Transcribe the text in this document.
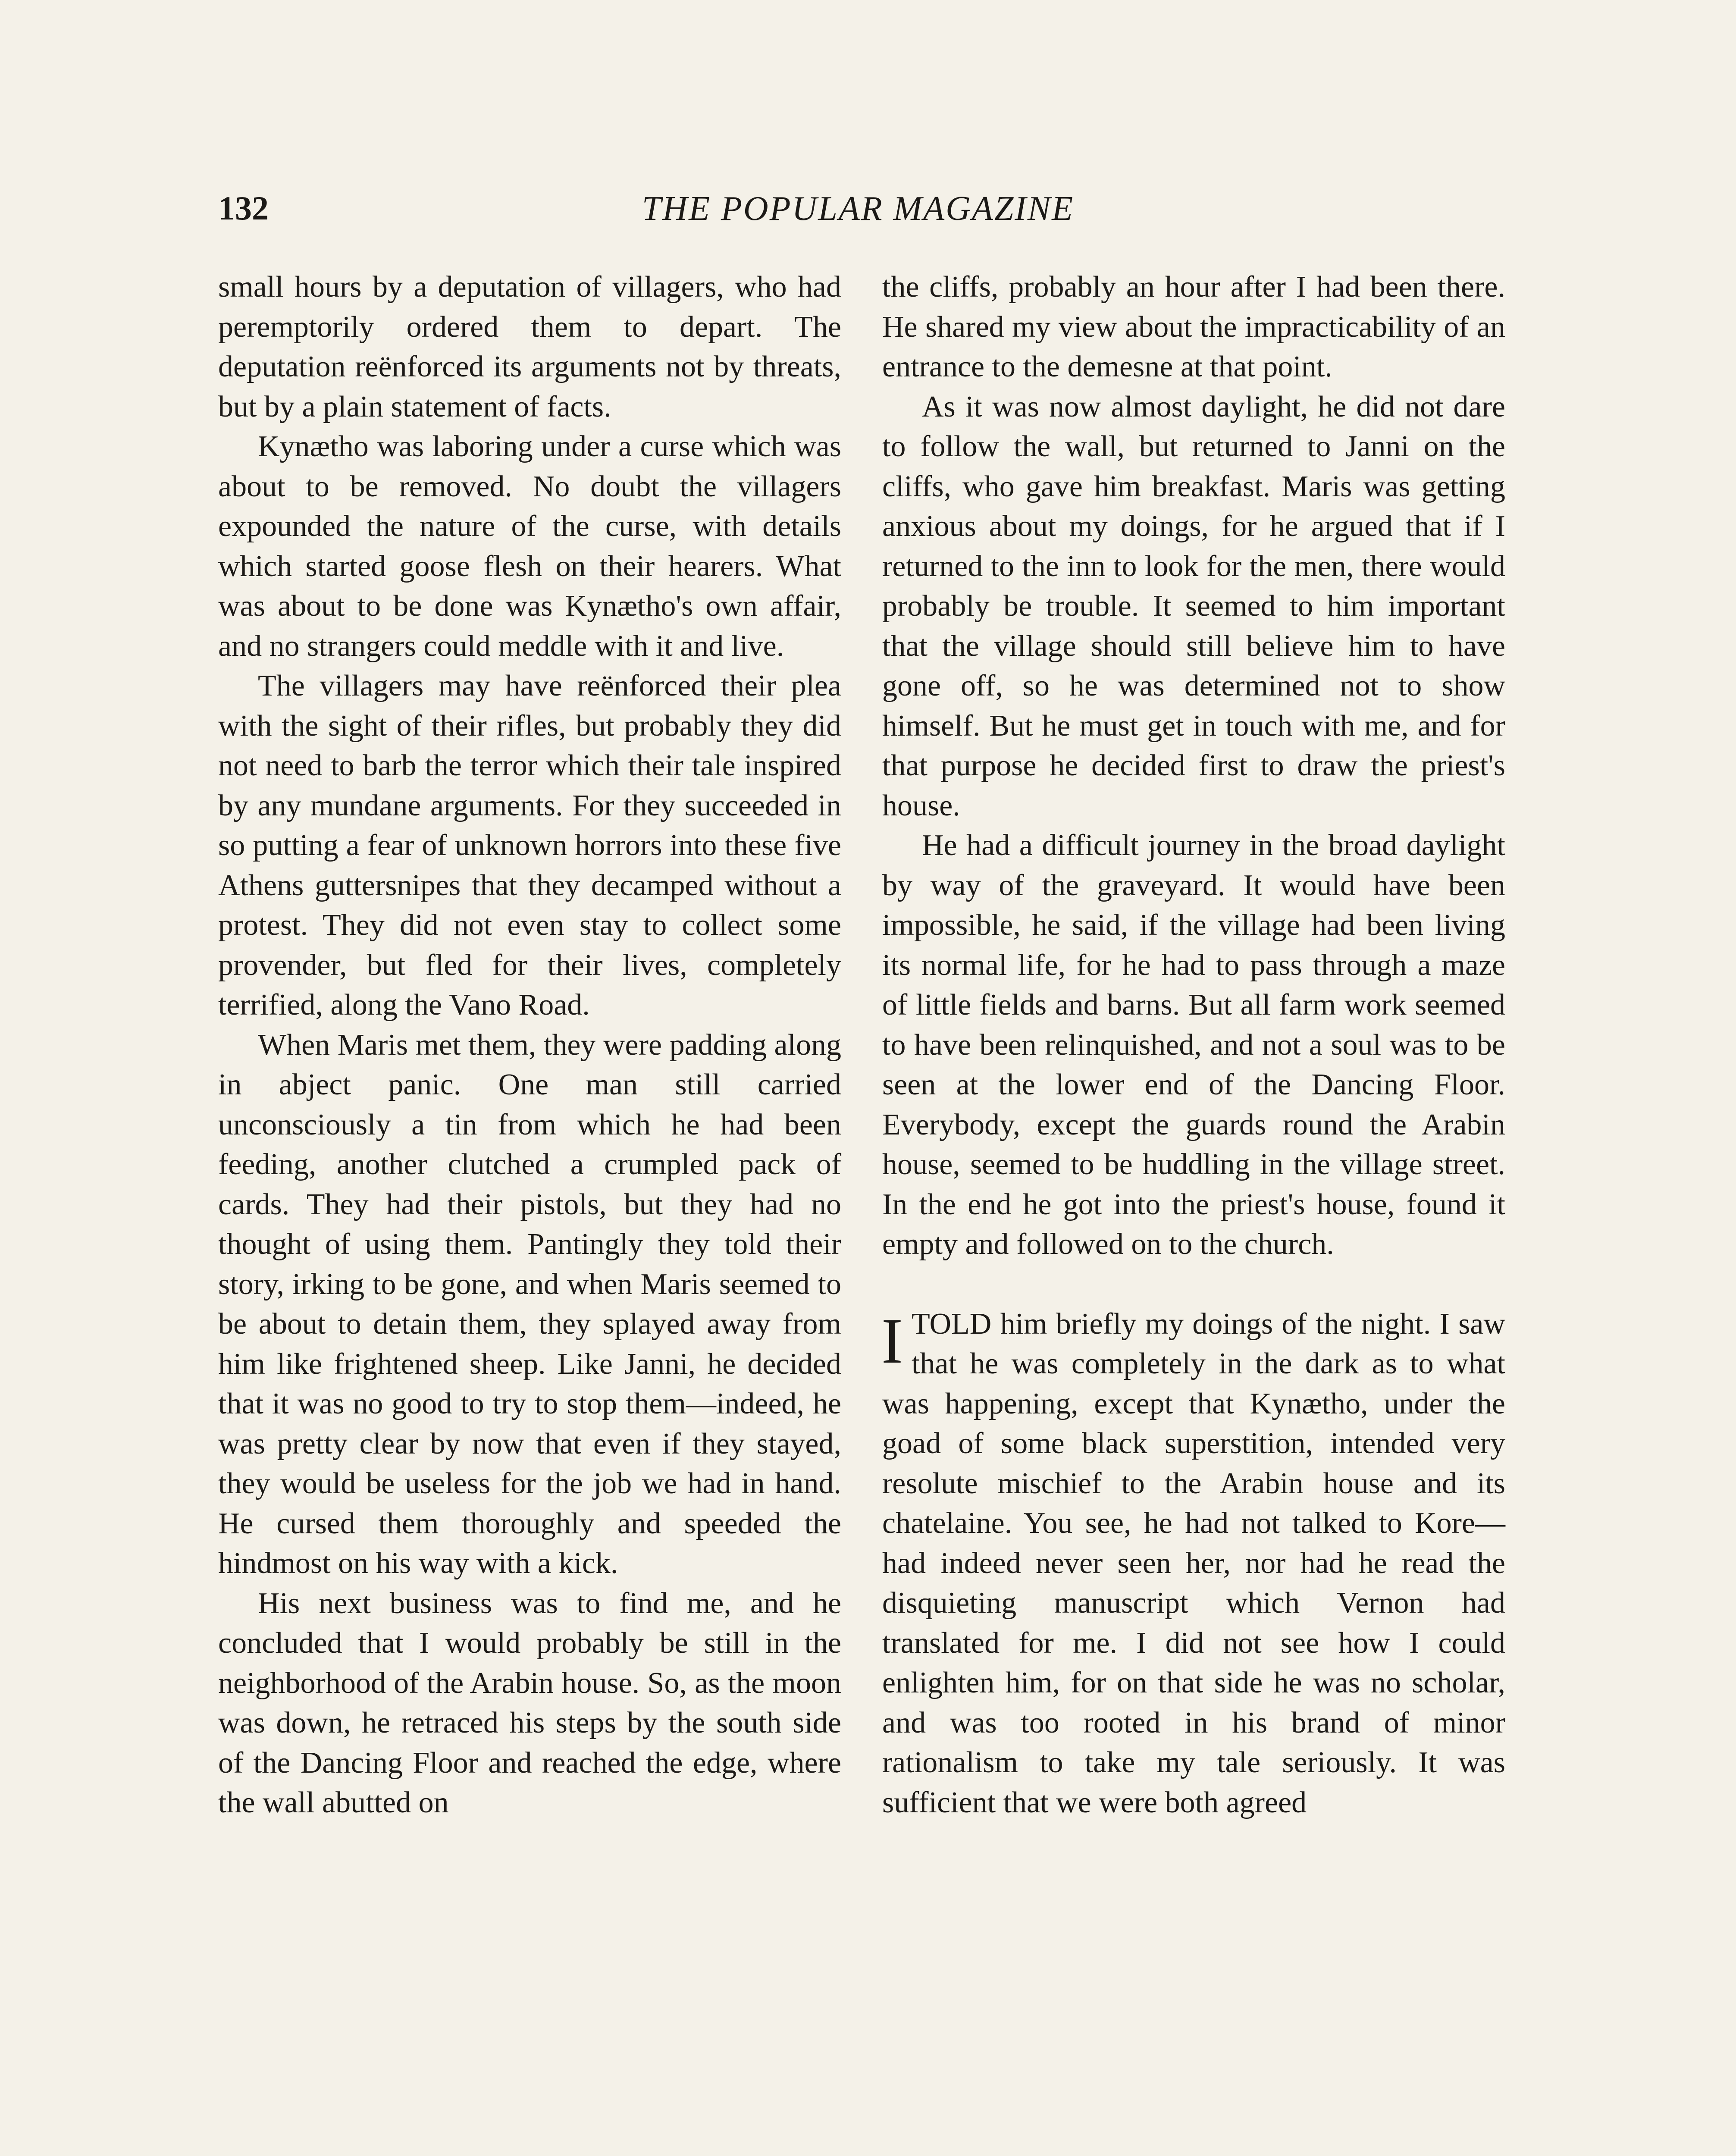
132	THE POPULAR MAGAZINE

small hours by a deputation of villagers, who had peremptorily ordered them to depart. The deputation reënforced its arguments not by threats, but by a plain statement of facts.

Kynætho was laboring under a curse which was about to be removed. No doubt the villagers expounded the nature of the curse, with details which started goose flesh on their hearers. What was about to be done was Kynætho's own affair, and no strangers could meddle with it and live.

The villagers may have reënforced their plea with the sight of their rifles, but probably they did not need to barb the terror which their tale inspired by any mundane arguments. For they succeeded in so putting a fear of unknown horrors into these five Athens guttersnipes that they decamped without a protest. They did not even stay to collect some provender, but fled for their lives, completely terrified, along the Vano Road.

When Maris met them, they were padding along in abject panic. One man still carried unconsciously a tin from which he had been feeding, another clutched a crumpled pack of cards. They had their pistols, but they had no thought of using them. Pantingly they told their story, irking to be gone, and when Maris seemed to be about to detain them, they splayed away from him like frightened sheep. Like Janni, he decided that it was no good to try to stop them—indeed, he was pretty clear by now that even if they stayed, they would be useless for the job we had in hand. He cursed them thoroughly and speeded the hindmost on his way with a kick.

His next business was to find me, and he concluded that I would probably be still in the neighborhood of the Arabin house. So, as the moon was down, he retraced his steps by the south side of the Dancing Floor and reached the edge, where the wall abutted on

the cliffs, probably an hour after I had been there. He shared my view about the impracticability of an entrance to the demesne at that point.

As it was now almost daylight, he did not dare to follow the wall, but returned to Janni on the cliffs, who gave him breakfast. Maris was getting anxious about my doings, for he argued that if I returned to the inn to look for the men, there would probably be trouble. It seemed to him important that the village should still believe him to have gone off, so he was determined not to show himself. But he must get in touch with me, and for that purpose he decided first to draw the priest's house.

He had a difficult journey in the broad daylight by way of the graveyard. It would have been impossible, he said, if the village had been living its normal life, for he had to pass through a maze of little fields and barns. But all farm work seemed to have been relinquished, and not a soul was to be seen at the lower end of the Dancing Floor. Everybody, except the guards round the Arabin house, seemed to be huddling in the village street. In the end he got into the priest's house, found it empty and followed on to the church.

I TOLD him briefly my doings of the night. I saw that he was completely in the dark as to what was happening, except that Kynætho, under the goad of some black superstition, intended very resolute mischief to the Arabin house and its chatelaine. You see, he had not talked to Kore—had indeed never seen her, nor had he read the disquieting manuscript which Vernon had translated for me. I did not see how I could enlighten him, for on that side he was no scholar, and was too rooted in his brand of minor rationalism to take my tale seriously. It was sufficient that we were both agreed
